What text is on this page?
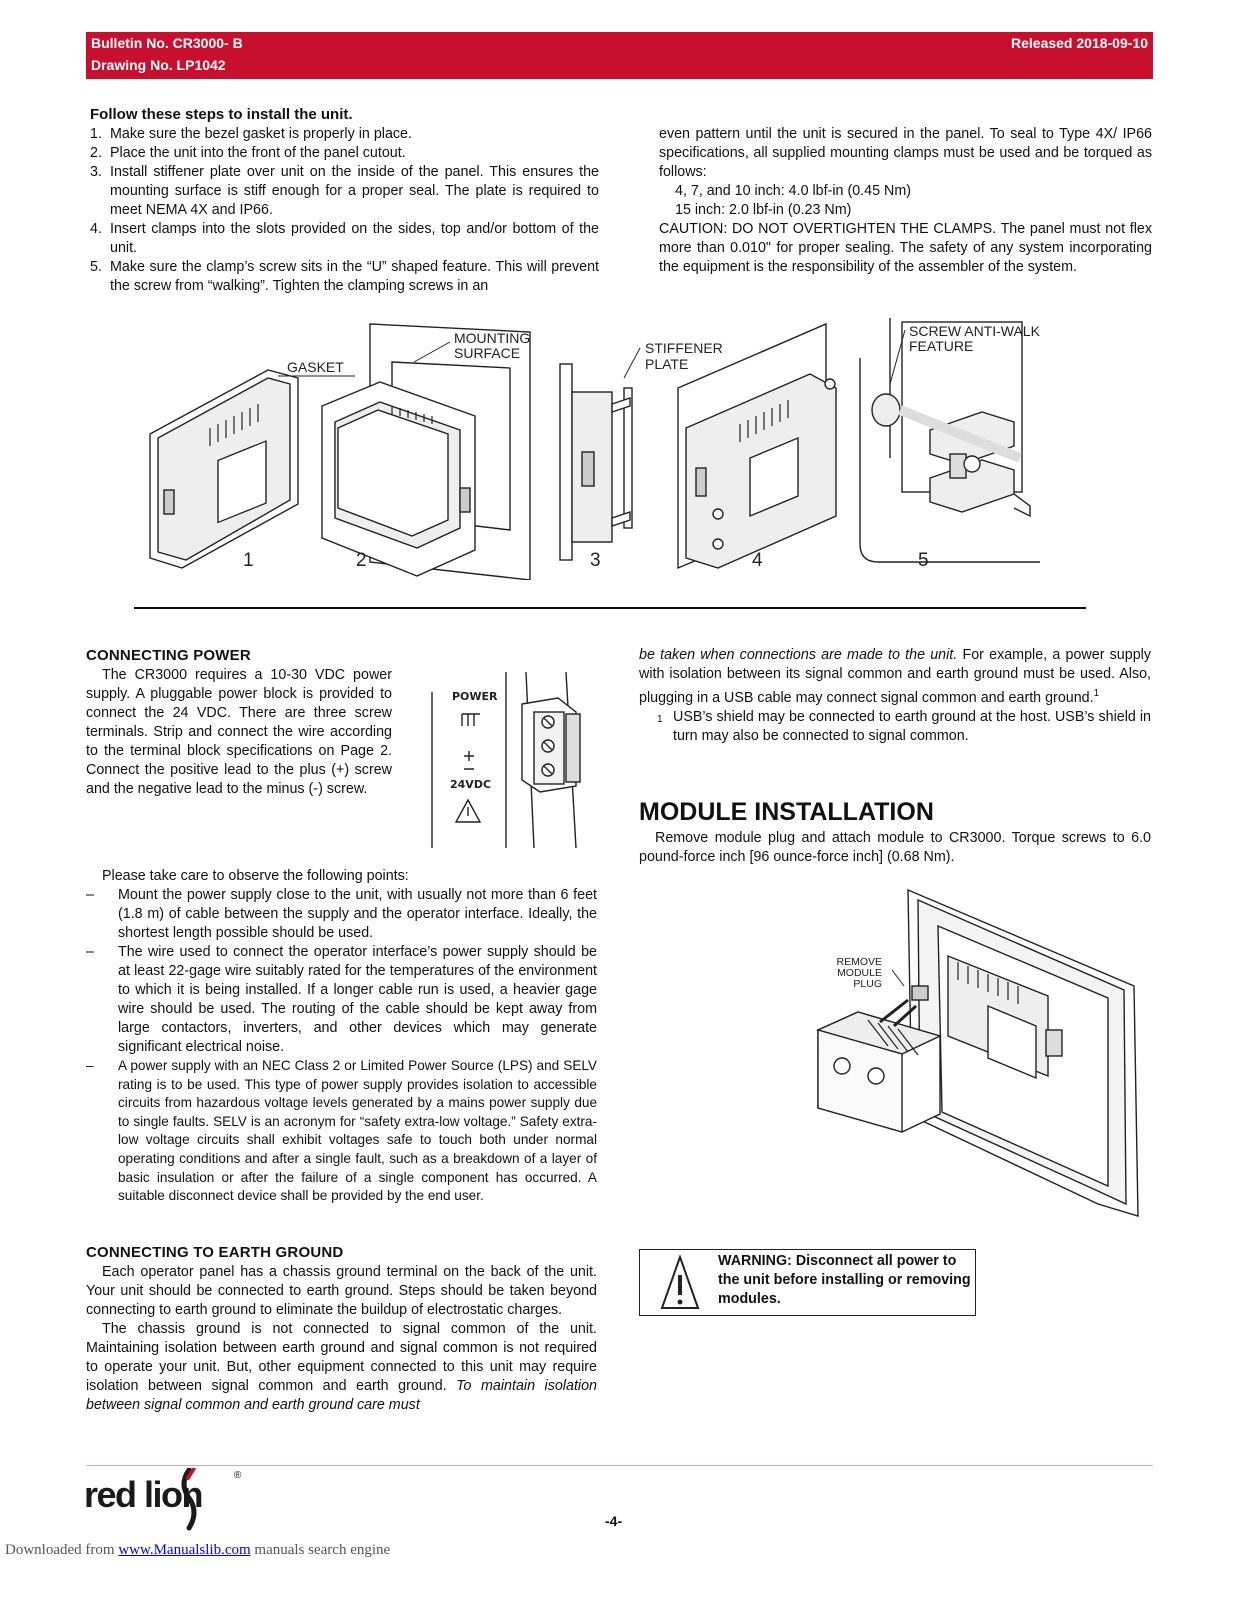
Bulletin No. CR3000- B
Drawing No. LP1042
Released 2018-09-10
Follow these steps to install the unit.
1. Make sure the bezel gasket is properly in place.
2. Place the unit into the front of the panel cutout.
3. Install stiffener plate over unit on the inside of the panel. This ensures the mounting surface is stiff enough for a proper seal. The plate is required to meet NEMA 4X and IP66.
4. Insert clamps into the slots provided on the sides, top and/or bottom of the unit.
5. Make sure the clamp’s screw sits in the “U” shaped feature. This will prevent the screw from “walking”. Tighten the clamping screws in an
even pattern until the unit is secured in the panel. To seal to Type 4X/ IP66 specifications, all supplied mounting clamps must be used and be torqued as follows:
4, 7, and 10 inch: 4.0 lbf-in (0.45 Nm)
15 inch: 2.0 lbf-in (0.23 Nm)
CAUTION: DO NOT OVERTIGHTEN THE CLAMPS. The panel must not flex more than 0.010" for proper sealing. The safety of any system incorporating the equipment is the responsibility of the assembler of the system.
GASKET
MOUNTING
SURFACE	STIFFENER
PLATE
SCREW ANTI-WALK
FEATURE
1	2	3	4	5
CONNECTING POWER
The CR3000 requires a 10-30 VDC power supply. A pluggable power block is provided to connect the 24 VDC. There are three screw terminals. Strip and connect the wire according to the terminal block specifications on Page 2. Connect the positive lead to the plus (+) screw and the negative lead to the minus (-) screw.
POWER
24VDC
Please take care to observe the following points:
– Mount the power supply close to the unit, with usually not more than 6 feet (1.8 m) of cable between the supply and the operator interface. Ideally, the shortest length possible should be used.
– The wire used to connect the operator interface’s power supply should be at least 22-gage wire suitably rated for the temperatures of the environment to which it is being installed. If a longer cable run is used, a heavier gage wire should be used. The routing of the cable should be kept away from large contactors, inverters, and other devices which may generate significant electrical noise.
– A power supply with an NEC Class 2 or Limited Power Source (LPS) and SELV rating is to be used. This type of power supply provides isolation to accessible circuits from hazardous voltage levels generated by a mains power supply due to single faults. SELV is an acronym for “safety extra-low voltage.” Safety extra-low voltage circuits shall exhibit voltages safe to touch both under normal operating conditions and after a single fault, such as a breakdown of a layer of basic insulation or after the failure of a single component has occurred. A suitable disconnect device shall be provided by the end user.
CONNECTING TO EARTH GROUND
Each operator panel has a chassis ground terminal on the back of the unit. Your unit should be connected to earth ground. Steps should be taken beyond connecting to earth ground to eliminate the buildup of electrostatic charges.
The chassis ground is not connected to signal common of the unit. Maintaining isolation between earth ground and signal common is not required to operate your unit. But, other equipment connected to this unit may require isolation between signal common and earth ground. To maintain isolation between signal common and earth ground care must
be taken when connections are made to the unit. For example, a power supply with isolation between its signal common and earth ground must be used. Also, plugging in a USB cable may connect signal common and earth ground.$^1$
1 USB’s shield may be connected to earth ground at the host. USB’s shield in turn may also be connected to signal common.
MODULE INSTALLATION
Remove module plug and attach module to CR3000. Torque screws to 6.0 pound-force inch [96 ounce-force inch] (0.68 Nm).
REMOVE
MODULE PLUG
WARNING: Disconnect all power to the unit before installing or removing modules.
red lion	®
-4-
Downloaded from www.Manualslib.com manuals search engine
